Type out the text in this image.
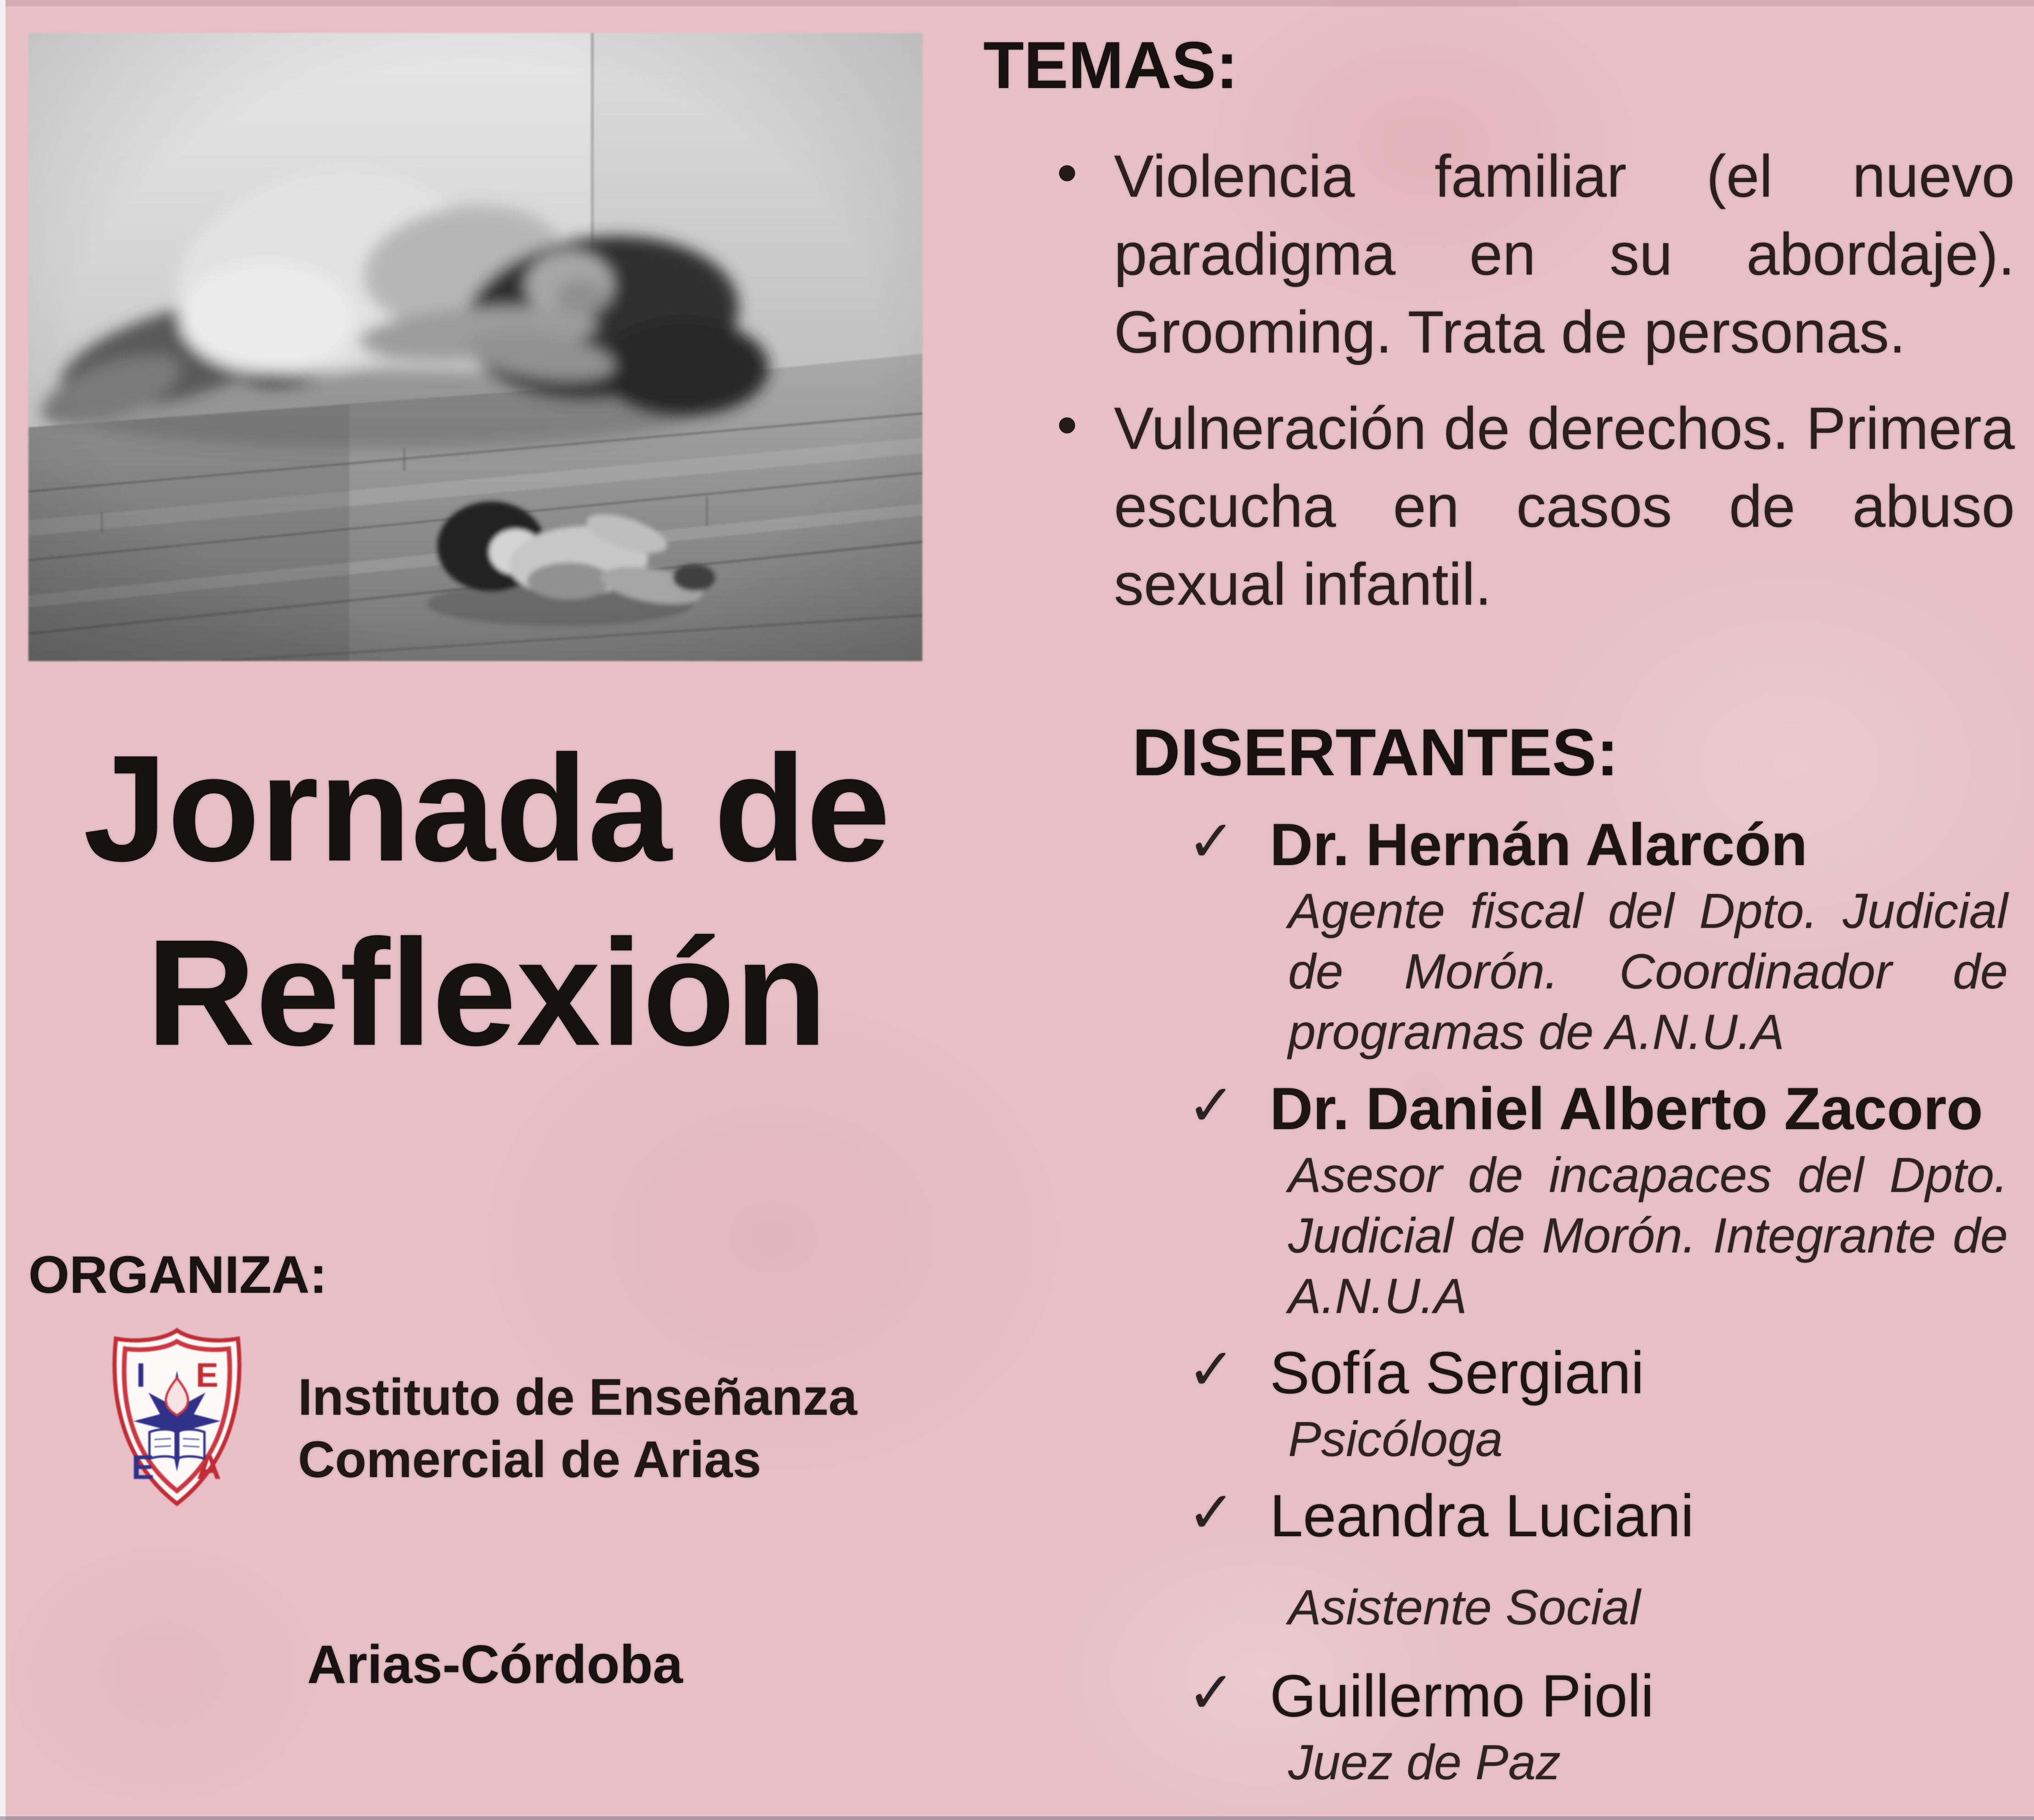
Jornada de
Reflexión
ORGANIZA:
I E
E A
Instituto de Enseñanza
Comercial de Arias
Arias-Córdoba
TEMAS:
• Violencia familiar (el nuevo
paradigma en su abordaje).
Grooming. Trata de personas.
• Vulneración de derechos. Primera
escucha en casos de abuso
sexual infantil.
DISERTANTES:
✓ Dr. Hernán Alarcón
Agente fiscal del Dpto. Judicial
de Morón. Coordinador de
programas de A.N.U.A
✓ Dr. Daniel Alberto Zacoro
Asesor de incapaces del Dpto.
Judicial de Morón. Integrante de
A.N.U.A
✓ Sofía Sergiani
Psicóloga
✓ Leandra Luciani
Asistente Social
✓ Guillermo Pioli
Juez de Paz
